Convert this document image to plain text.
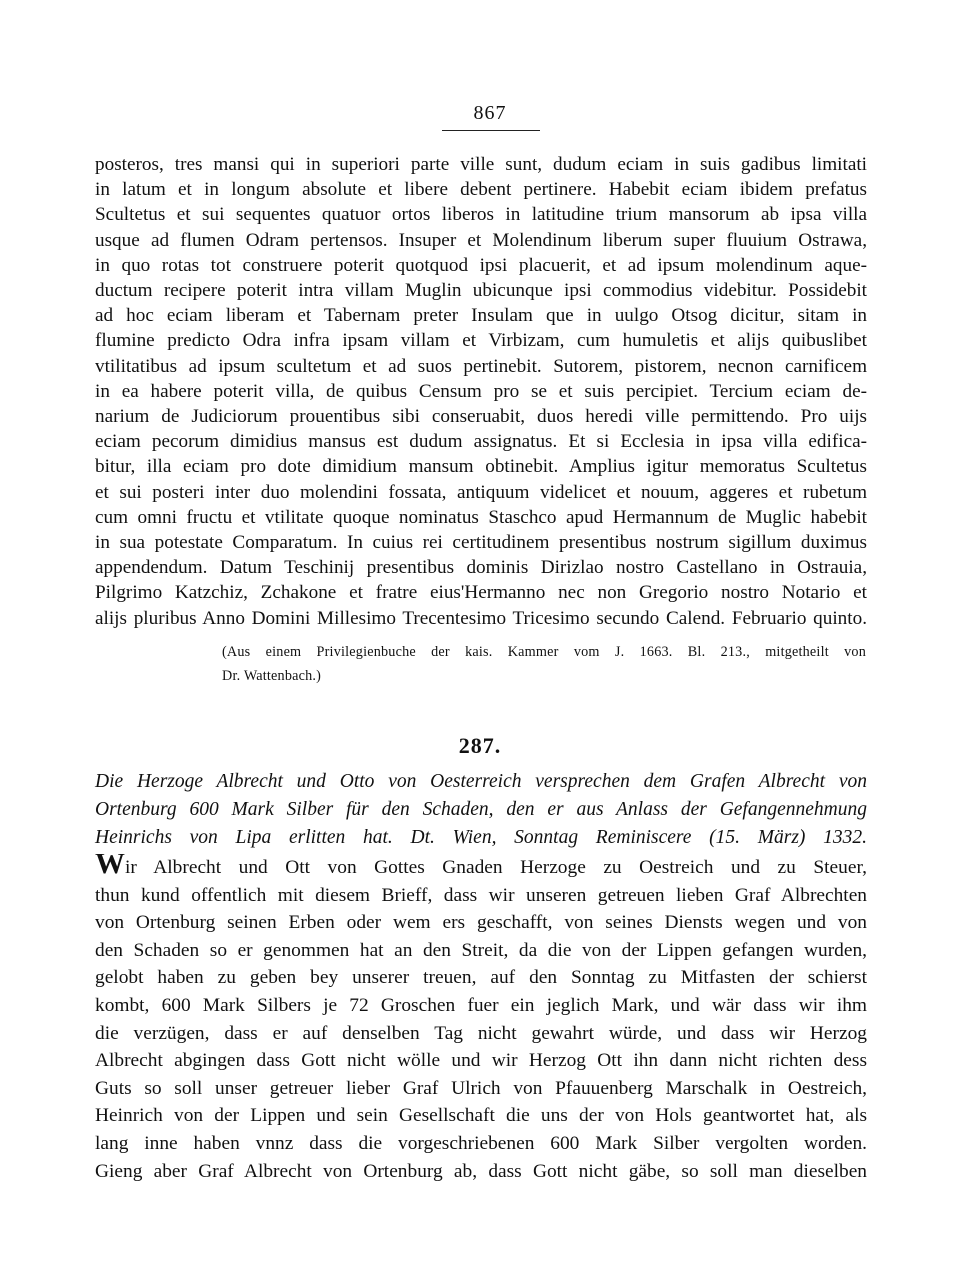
867
posteros, tres mansi qui in superiori parte ville sunt, dudum eciam in suis gadibus limitati
in latum et in longum absolute et libere debent pertinere. Habebit eciam ibidem prefatus
Scultetus et sui sequentes quatuor ortos liberos in latitudine trium mansorum ab ipsa villa
usque ad flumen Odram pertensos. Insuper et Molendinum liberum super fluuium Ostrawa,
in quo rotas tot construere poterit quotquod ipsi placuerit, et ad ipsum molendinum aque-
ductum recipere poterit intra villam Muglin ubicunque ipsi commodius videbitur. Possidebit
ad hoc eciam liberam et Tabernam preter Insulam que in uulgo Otsog dicitur, sitam in
flumine predicto Odra infra ipsam villam et Virbizam, cum humuletis et alijs quibuslibet
vtilitatibus ad ipsum scultetum et ad suos pertinebit. Sutorem, pistorem, necnon carnificem
in ea habere poterit villa, de quibus Censum pro se et suis percipiet. Tercium eciam de-
narium de Judiciorum prouentibus sibi conseruabit, duos heredi ville permittendo. Pro uijs
eciam pecorum dimidius mansus est dudum assignatus. Et si Ecclesia in ipsa villa edifica-
bitur, illa eciam pro dote dimidium mansum obtinebit. Amplius igitur memoratus Scultetus
et sui posteri inter duo molendini fossata, antiquum videlicet et nouum, aggeres et rubetum
cum omni fructu et vtilitate quoque nominatus Staschco apud Hermannum de Muglic habebit
in sua potestate Comparatum. In cuius rei certitudinem presentibus nostrum sigillum duximus
appendendum. Datum Teschinij presentibus dominis Dirizlao nostro Castellano in Ostrauia,
Pilgrimo Katzchiz, Zchakone et fratre eius'Hermanno nec non Gregorio nostro Notario et
alijs pluribus Anno Domini Millesimo Trecentesimo Tricesimo secundo Calend. Februario quinto.
(Aus einem Privilegienbuche der kais. Kammer vom J. 1663. Bl. 213., mitgetheilt von
Dr. Wattenbach.)
287.
Die Herzoge Albrecht und Otto von Oesterreich versprechen dem Grafen Albrecht von
Ortenburg 600 Mark Silber für den Schaden, den er aus Anlass der Gefangennehmung
Heinrichs von Lipa erlitten hat. Dt. Wien, Sonntag Reminiscere (15. März) 1332.
Wir Albrecht und Ott von Gottes Gnaden Herzoge zu Oestreich und zu Steuer,
thun kund offentlich mit diesem Brieff, dass wir unseren getreuen lieben Graf Albrechten
von Ortenburg seinen Erben oder wem ers geschafft, von seines Diensts wegen und von
den Schaden so er genommen hat an den Streit, da die von der Lippen gefangen wurden,
gelobt haben zu geben bey unserer treuen, auf den Sonntag zu Mitfasten der schierst
kombt, 600 Mark Silbers je 72 Groschen fuer ein jeglich Mark, und wär dass wir ihm
die verzügen, dass er auf denselben Tag nicht gewahrt würde, und dass wir Herzog
Albrecht abgingen dass Gott nicht wölle und wir Herzog Ott ihn dann nicht richten dess
Guts so soll unser getreuer lieber Graf Ulrich von Pfauuenberg Marschalk in Oestreich,
Heinrich von der Lippen und sein Gesellschaft die uns der von Hols geantwortet hat, als
lang inne haben vnnz dass die vorgeschriebenen 600 Mark Silber vergolten worden.
Gieng aber Graf Albrecht von Ortenburg ab, dass Gott nicht gäbe, so soll man dieselben
